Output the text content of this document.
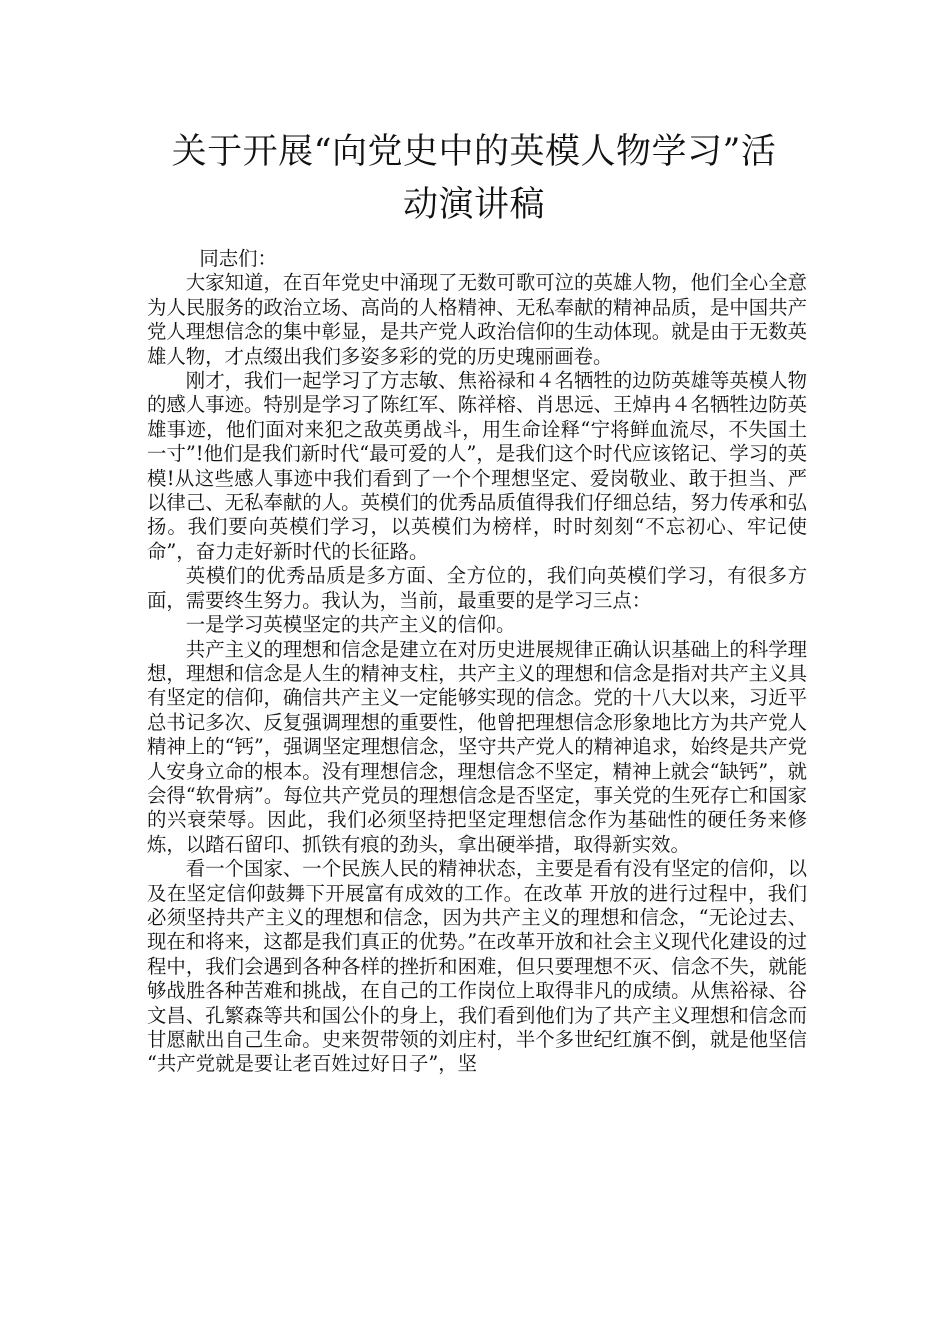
关于开展“向党史中的英模人物学习”活
动演讲稿

同志们：

大家知道，在百年党史中涌现了无数可歌可泣的英雄人物，他们全心全意为人民服务的政治立场、高尚的人格精神、无私奉献的精神品质，是中国共产党人理想信念的集中彰显，是共产党人政治信仰的生动体现。就是由于无数英雄人物，才点缀出我们多姿多彩的党的历史瑰丽画卷。

刚才，我们一起学习了方志敏、焦裕禄和４名牺牲的边防英雄等英模人物的感人事迹。特别是学习了陈红军、陈祥榕、肖思远、王焯冉４名牺牲边防英雄事迹，他们面对来犯之敌英勇战斗，用生命诠释“宁将鲜血流尽，不失国土一寸”!他们是我们新时代“最可爱的人”，是我们这个时代应该铭记、学习的英模!从这些感人事迹中我们看到了一个个理想坚定、爱岗敬业、敢于担当、严以律己、无私奉献的人。英模们的优秀品质值得我们仔细总结，努力传承和弘扬。我们要向英模们学习，以英模们为榜样，时时刻刻“不忘初心、牢记使命”，奋力走好新时代的长征路。

英模们的优秀品质是多方面、全方位的，我们向英模们学习，有很多方面，需要终生努力。我认为，当前，最重要的是学习三点：

一是学习英模坚定的共产主义的信仰。

共产主义的理想和信念是建立在对历史进展规律正确认识基础上的科学理想，理想和信念是人生的精神支柱，共产主义的理想和信念是指对共产主义具有坚定的信仰，确信共产主义一定能够实现的信念。党的十八大以来，习近平总书记多次、反复强调理想的重要性，他曾把理想信念形象地比方为共产党人精神上的“钙”，强调坚定理想信念，坚守共产党人的精神追求，始终是共产党人安身立命的根本。没有理想信念，理想信念不坚定，精神上就会“缺钙”，就会得“软骨病”。每位共产党员的理想信念是否坚定，事关党的生死存亡和国家的兴衰荣辱。因此，我们必须坚持把坚定理想信念作为基础性的硬任务来修炼，以踏石留印、抓铁有痕的劲头，拿出硬举措，取得新实效。

看一个国家、一个民族人民的精神状态，主要是看有没有坚定的信仰，以及在坚定信仰鼓舞下开展富有成效的工作。在改革 开放的进行过程中，我们必须坚持共产主义的理想和信念，因为共产主义的理想和信念，“无论过去、现在和将来，这都是我们真正的优势。”在改革开放和社会主义现代化建设的过程中，我们会遇到各种各样的挫折和困难，但只要理想不灭、信念不失，就能够战胜各种苦难和挑战，在自己的工作岗位上取得非凡的成绩。从焦裕禄、谷文昌、孔繁森等共和国公仆的身上，我们看到他们为了共产主义理想和信念而甘愿献出自己生命。史来贺带领的刘庄村，半个多世纪红旗不倒，就是他坚信 “共产党就是要让老百姓过好日子”，坚
